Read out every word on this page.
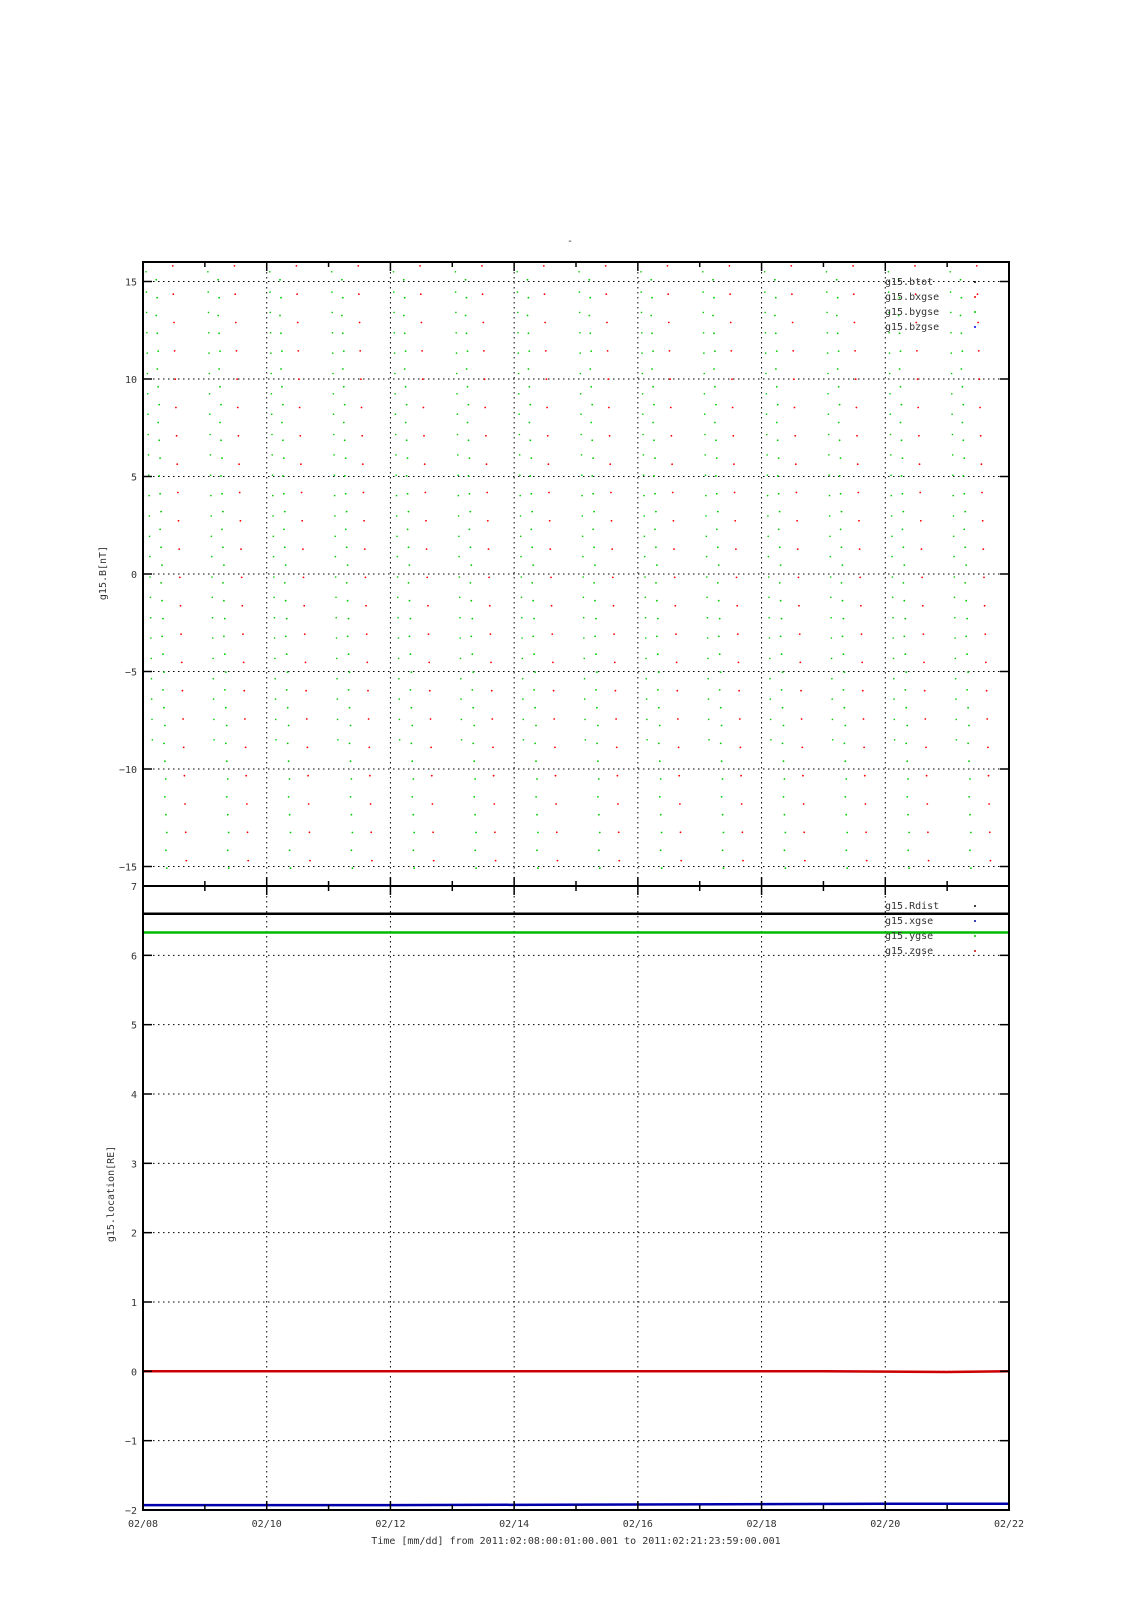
-
−15
−10
−5
0
5
10
15
g15.B[nT]
g15.btot
g15.bxgse
g15.bygse
g15.bzgse
−2
−1
0
1
2
3
4
5
6
7
g15.location[RE]
g15.Rdist
g15.xgse
g15.ygse
g15.zgse
02/08	02/10	02/12	02/14	02/16	02/18	02/20	02/22
Time [mm/dd] from 2011:02:08:00:01:00.001 to 2011:02:21:23:59:00.001
